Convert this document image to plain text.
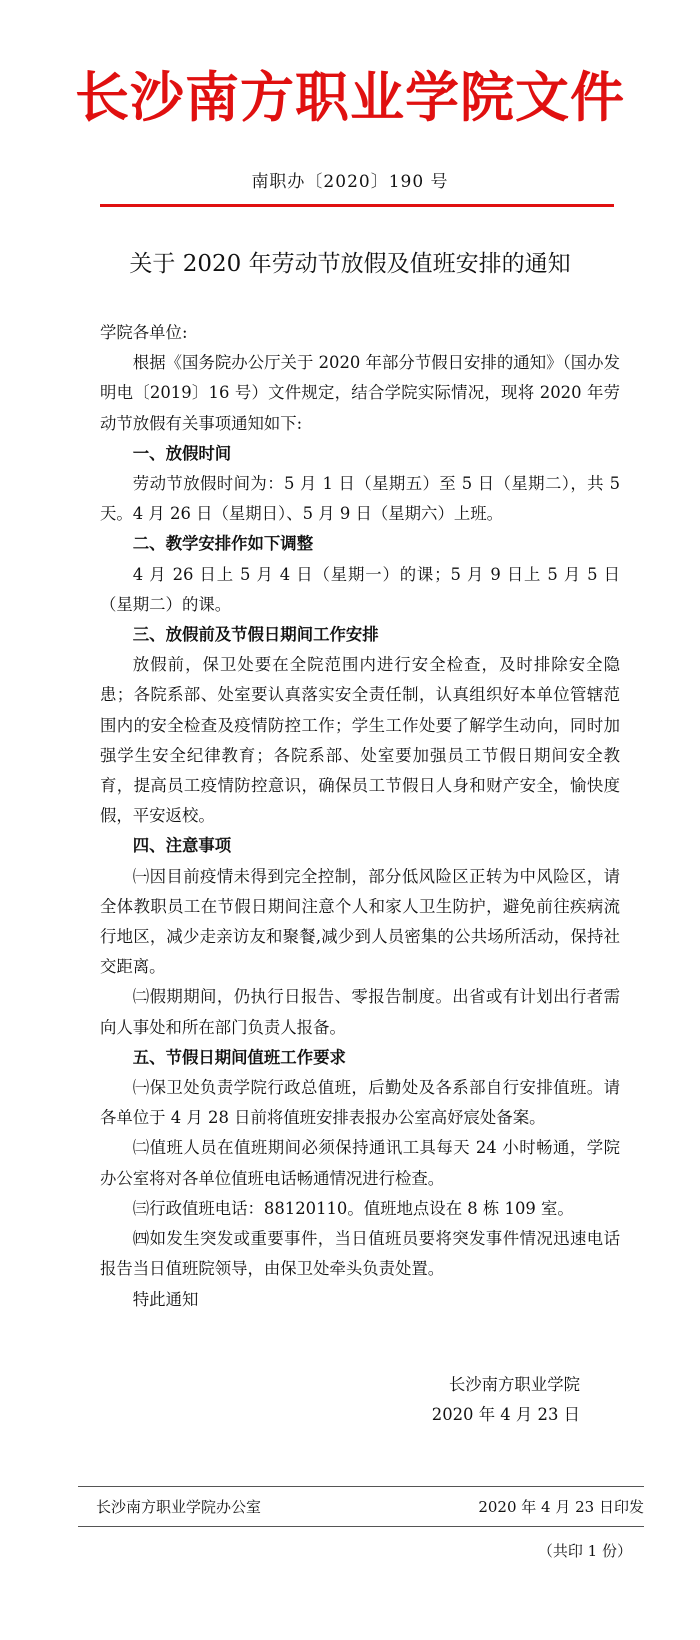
长沙南方职业学院文件
南职办〔2020〕190 号
关于 2020 年劳动节放假及值班安排的通知

学院各单位:

根据《国务院办公厅关于 2020 年部分节假日安排的通知》（国办发明电〔2019〕16 号）文件规定，结合学院实际情况，现将 2020 年劳动节放假有关事项通知如下:

一、放假时间

劳动节放假时间为：5 月 1 日（星期五）至 5 日（星期二），共 5 天。4 月 26 日（星期日）、5 月 9 日（星期六）上班。

二、教学安排作如下调整

4 月 26 日上 5 月 4 日（星期一）的课；5 月 9 日上 5 月 5 日（星期二）的课。

三、放假前及节假日期间工作安排

放假前，保卫处要在全院范围内进行安全检查，及时排除安全隐患；各院系部、处室要认真落实安全责任制，认真组织好本单位管辖范围内的安全检查及疫情防控工作；学生工作处要了解学生动向，同时加强学生安全纪律教育；各院系部、处室要加强员工节假日期间安全教育，提高员工疫情防控意识，确保员工节假日人身和财产安全，愉快度假，平安返校。

四、注意事项

㈠因目前疫情未得到完全控制，部分低风险区正转为中风险区，请全体教职员工在节假日期间注意个人和家人卫生防护，避免前往疾病流行地区，减少走亲访友和聚餐,减少到人员密集的公共场所活动，保持社交距离。

㈡假期期间，仍执行日报告、零报告制度。出省或有计划出行者需向人事处和所在部门负责人报备。

五、节假日期间值班工作要求

㈠保卫处负责学院行政总值班，后勤处及各系部自行安排值班。请各单位于 4 月 28 日前将值班安排表报办公室高妤宸处备案。

㈡值班人员在值班期间必须保持通讯工具每天 24 小时畅通，学院办公室将对各单位值班电话畅通情况进行检查。

㈢行政值班电话：88120110。值班地点设在 8 栋 109 室。

㈣如发生突发或重要事件，当日值班员要将突发事件情况迅速电话报告当日值班院领导，由保卫处牵头负责处置。

特此通知

长沙南方职业学院
2020 年 4 月 23 日
长沙南方职业学院办公室	2020 年 4 月 23 日印发
（共印 1 份）
